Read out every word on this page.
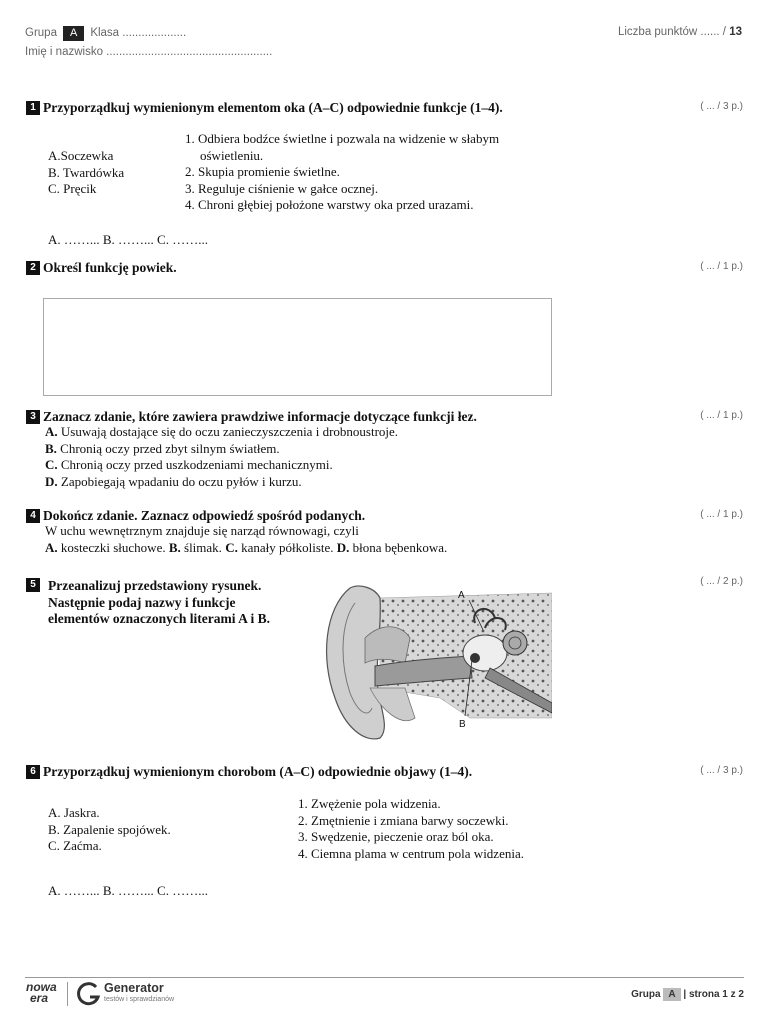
Grupa A Klasa ....................
Imię i nazwisko ....................................................
Liczba punktów ...... / 13
1 Przyporządkuj wymienionym elementom oka (A–C) odpowiednie funkcje (1–4).	( ... / 3 p.)
A.Soczewka
B. Twardówka
C. Pręcik
1. Odbiera bodźce świetlne i pozwala na widzenie w słabym
oświetleniu.
2. Skupia promienie świetlne.
3. Reguluje ciśnienie w gałce ocznej.
4. Chroni głębiej położone warstwy oka przed urazami.
A. ……... B. ……... C. ……...
2 Określ funkcję powiek.	( ... / 1 p.)
3 Zaznacz zdanie, które zawiera prawdziwe informacje dotyczące funkcji łez.	( ... / 1 p.)
A. Usuwają dostające się do oczu zanieczyszczenia i drobnoustroje.
B. Chronią oczy przed zbyt silnym światłem.
C. Chronią oczy przed uszkodzeniami mechanicznymi.
D. Zapobiegają wpadaniu do oczu pyłów i kurzu.
4 Dokończ zdanie. Zaznacz odpowiedź spośród podanych.	( ... / 1 p.)
W uchu wewnętrznym znajduje się narząd równowagi, czyli
A. kosteczki słuchowe. B. ślimak. C. kanały półkoliste. D. błona bębenkowa.
5 Przeanalizuj przedstawiony rysunek.
Następnie podaj nazwy i funkcje
elementów oznaczonych literami A i B.
( ... / 2 p.)
A
B
6 Przyporządkuj wymienionym chorobom (A–C) odpowiednie objawy (1–4).	( ... / 3 p.)
A. Jaskra.
B. Zapalenie spojówek.
C. Zaćma.
1. Zwężenie pola widzenia.
2. Zmętnienie i zmiana barwy soczewki.
3. Swędzenie, pieczenie oraz ból oka.
4. Ciemna plama w centrum pola widzenia.
A. ……... B. ……... C. ……...
nowa
era
Generator
testów i sprawdzianów	Grupa A | strona 1 z 2
